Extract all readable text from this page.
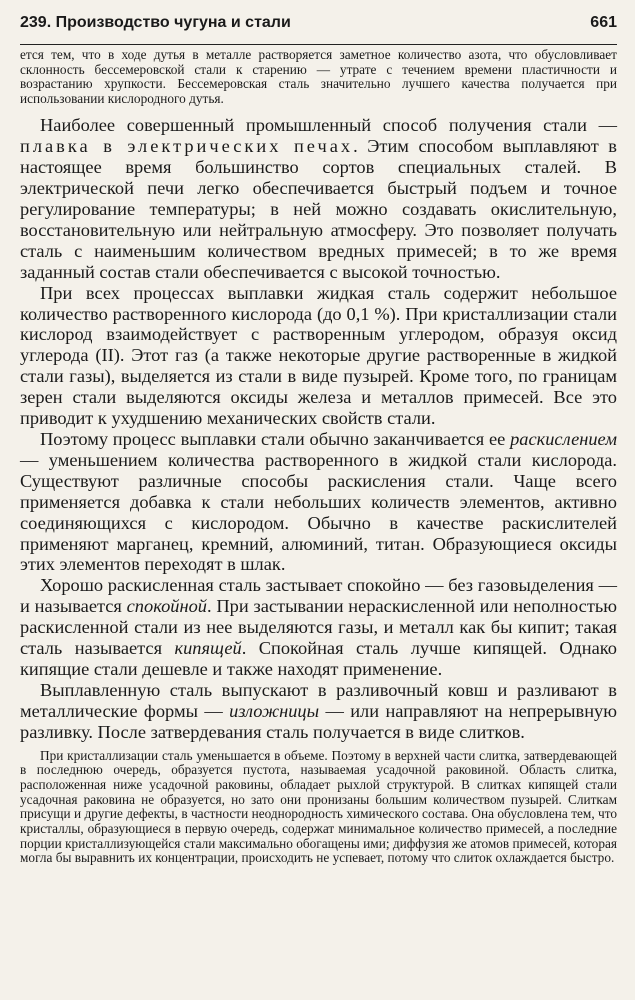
239. Производство чугуна и стали	661

ется тем, что в ходе дутья в металле растворяется заметное количество азота, что обусловливает склонность бессемеровской стали к старению — утрате с течением времени пластичности и возрастанию хрупкости. Бессемеровская сталь значительно лучшего качества получается при использовании кислородного дутья.

Наиболее совершенный промышленный способ получения стали — плавка в электрических печах. Этим способом выплавляют в настоящее время большинство сортов специальных сталей. В электрической печи легко обеспечивается быстрый подъем и точное регулирование температуры; в ней можно создавать окислительную, восстановительную или нейтральную атмосферу. Это позволяет получать сталь с наименьшим количеством вредных примесей; в то же время заданный состав стали обеспечивается с высокой точностью.

При всех процессах выплавки жидкая сталь содержит небольшое количество растворенного кислорода (до 0,1 %). При кристаллизации стали кислород взаимодействует с растворенным углеродом, образуя оксид углерода (II). Этот газ (а также некоторые другие растворенные в жидкой стали газы), выделяется из стали в виде пузырей. Кроме того, по границам зерен стали выделяются оксиды железа и металлов примесей. Все это приводит к ухудшению механических свойств стали.

Поэтому процесс выплавки стали обычно заканчивается ее раскислением — уменьшением количества растворенного в жидкой стали кислорода. Существуют различные способы раскисления стали. Чаще всего применяется добавка к стали небольших количеств элементов, активно соединяющихся с кислородом. Обычно в качестве раскислителей применяют марганец, кремний, алюминий, титан. Образующиеся оксиды этих элементов переходят в шлак.

Хорошо раскисленная сталь застывает спокойно — без газовыделения — и называется спокойной. При застывании нераскисленной или неполностью раскисленной стали из нее выделяются газы, и металл как бы кипит; такая сталь называется кипящей. Спокойная сталь лучше кипящей. Однако кипящие стали дешевле и также находят применение.

Выплавленную сталь выпускают в разливочный ковш и разливают в металлические формы — изложницы — или направляют на непрерывную разливку. После затвердевания сталь получается в виде слитков.

При кристаллизации сталь уменьшается в объеме. Поэтому в верхней части слитка, затвердевающей в последнюю очередь, образуется пустота, называемая усадочной раковиной. Область слитка, расположенная ниже усадочной раковины, обладает рыхлой структурой. В слитках кипящей стали усадочная раковина не образуется, но зато они пронизаны большим количеством пузырей. Слиткам присущи и другие дефекты, в частности неоднородность химического состава. Она обусловлена тем, что кристаллы, образующиеся в первую очередь, содержат минимальное количество примесей, а последние порции кристаллизующейся стали максимально обогащены ими; диффузия же атомов примесей, которая могла бы выравнить их концентрации, происходить не успевает, потому что слиток охлаждается быстро.
